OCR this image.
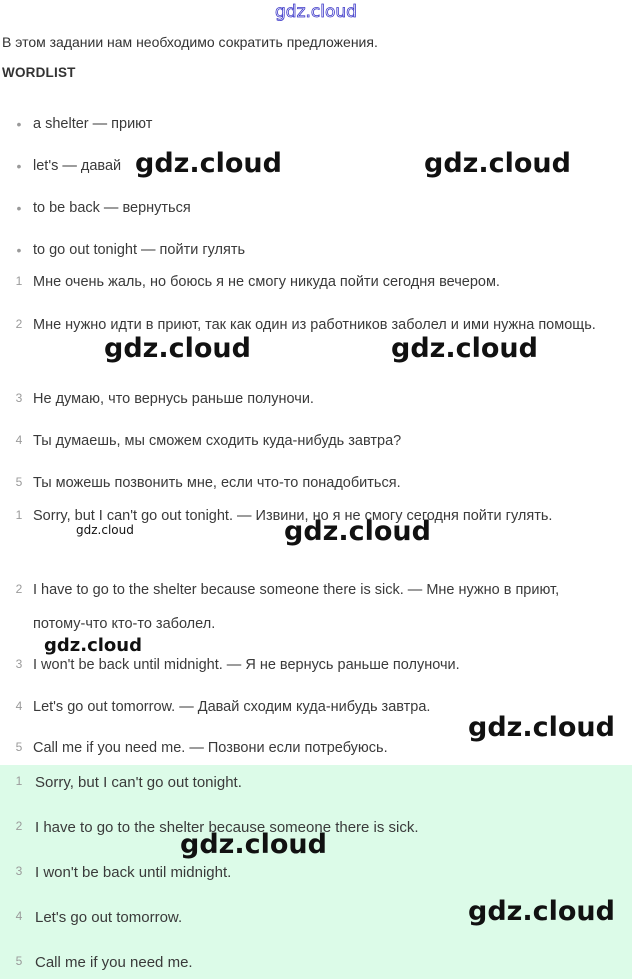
gdz.cloud
В этом задании нам необходимо сократить предложения.
WORDLIST
• a shelter — приют
• let's — давай
• to be back — вернуться
• to go out tonight — пойти гулять
1 Мне очень жаль, но боюсь я не смогу никуда пойти сегодня вечером.
2 Мне нужно идти в приют, так как один из работников заболел и ими нужна помощь.
3 Не думаю, что вернусь раньше полуночи.
4 Ты думаешь, мы сможем сходить куда-нибудь завтра?
5 Ты можешь позвонить мне, если что-то понадобиться.
1 Sorry, but I can't go out tonight. — Извини, но я не смогу сегодня пойти гулять.
2 I have to go to the shelter because someone there is sick. — Мне нужно в приют, потому-что кто-то заболел.
3 I won't be back until midnight. — Я не вернусь раньше полуночи.
4 Let's go out tomorrow. — Давай сходим куда-нибудь завтра.
5 Call me if you need me. — Позвони если потребуюсь.
1 Sorry, but I can't go out tonight.
2 I have to go to the shelter because someone there is sick.
3 I won't be back until midnight.
4 Let's go out tomorrow.
5 Call me if you need me.
gdz.cloud	gdz.cloud
gdz.cloud	gdz.cloud
gdz.cloud	gdz.cloud
gdz.cloud
gdz.cloud
gdz.cloud
gdz.cloud
